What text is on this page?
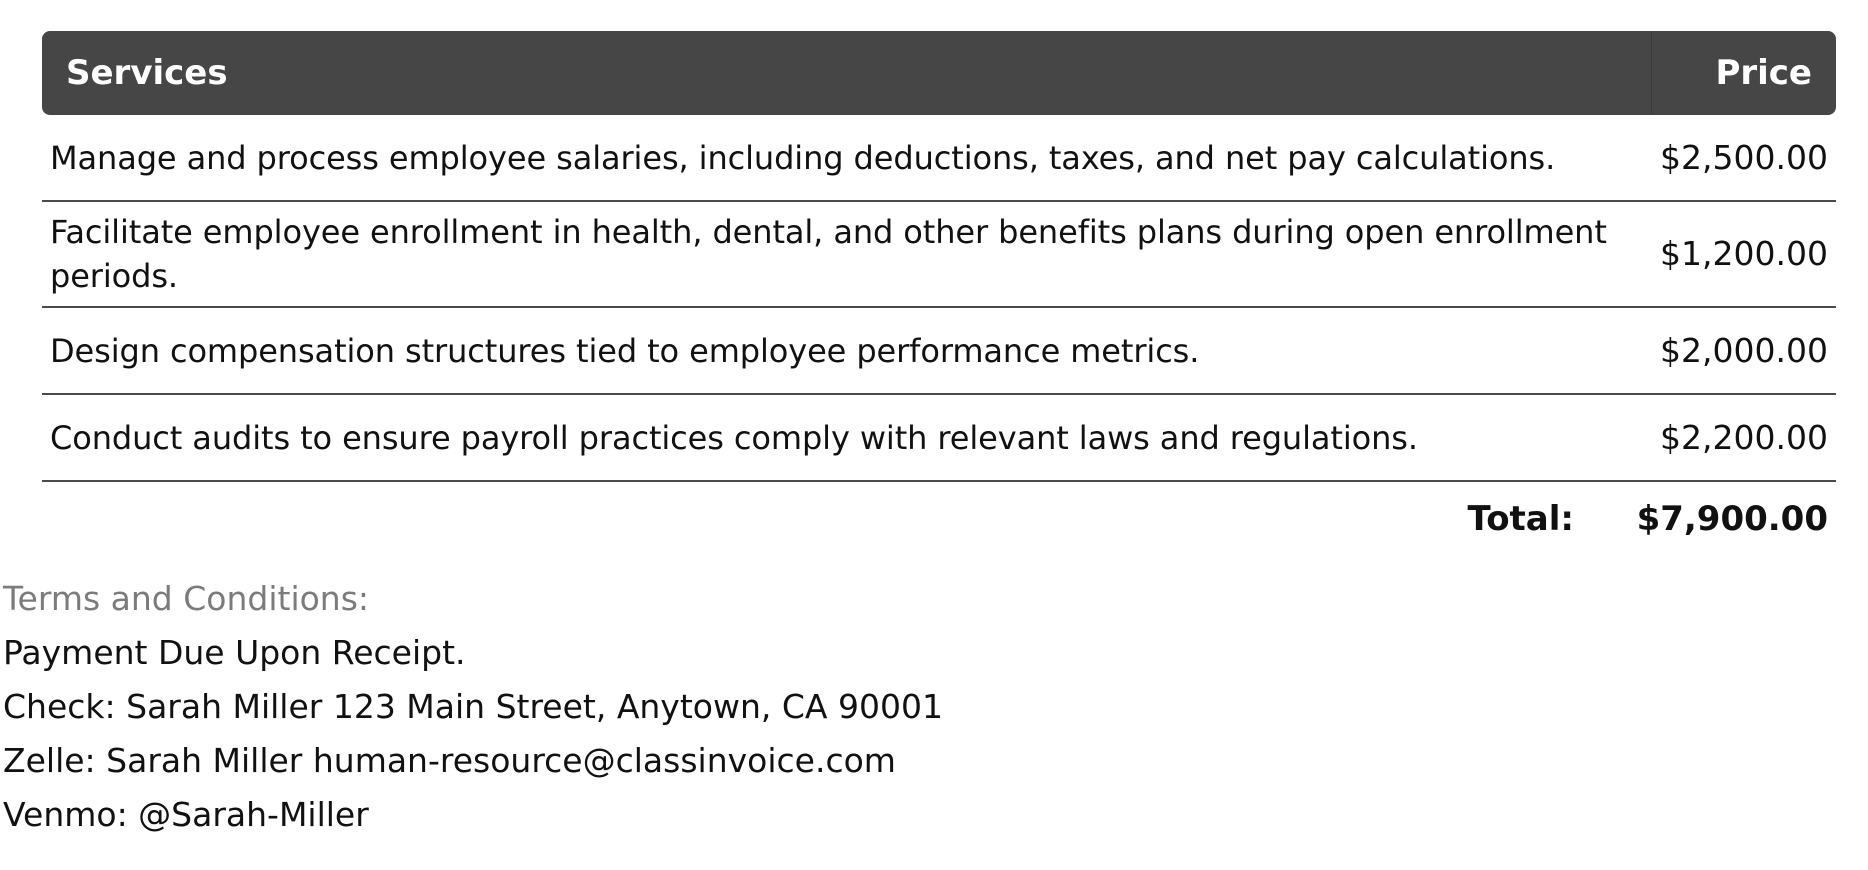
Services	Price
Manage and process employee salaries, including deductions, taxes, and net pay calculations.	$2,500.00
Facilitate employee enrollment in health, dental, and other benefits plans during open enrollment periods.	$1,200.00
Design compensation structures tied to employee performance metrics.	$2,000.00
Conduct audits to ensure payroll practices comply with relevant laws and regulations.	$2,200.00
Total: $7,900.00
Terms and Conditions:
Payment Due Upon Receipt.
Check: Sarah Miller 123 Main Street, Anytown, CA 90001
Zelle: Sarah Miller human-resource@classinvoice.com
Venmo: @Sarah-Miller
